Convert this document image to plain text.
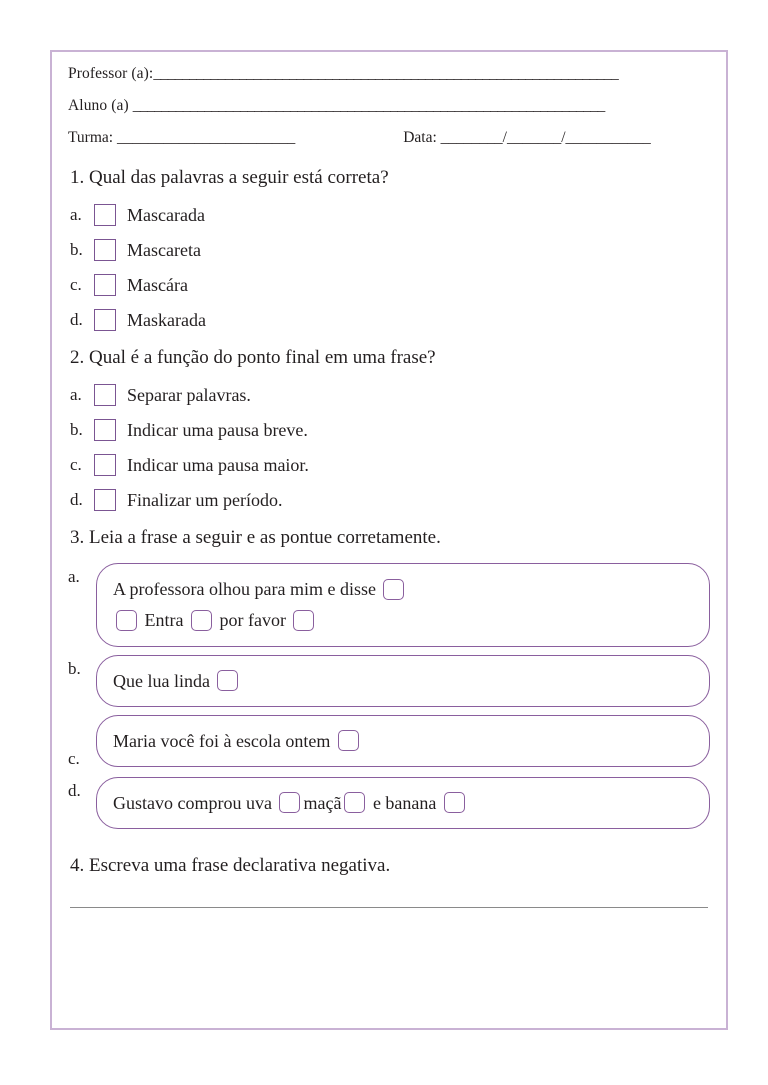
Professor (a):_________________________________________________________________
Aluno (a) __________________________________________________________________
Turma:
_______________________	Data:
________ / _______ / ___________
1. Qual das palavras a seguir está correta?
a.	Mascarada
b.	Mascareta
c.	Mascára
d.	Maskarada
2. Qual é a função do ponto final em uma frase?
a.	Separar palavras.
b.	Indicar uma pausa breve.
c.	Indicar uma pausa maior.
d.	Finalizar um período.
3. Leia a frase a seguir e as pontue corretamente.
a.
A professora olhou para mim e disse
Entra por favor
b.
Que lua linda
c.
Maria você foi à escola ontem
d.
Gustavo comprou uva maçã e banana
4. Escreva uma frase declarativa negativa.
